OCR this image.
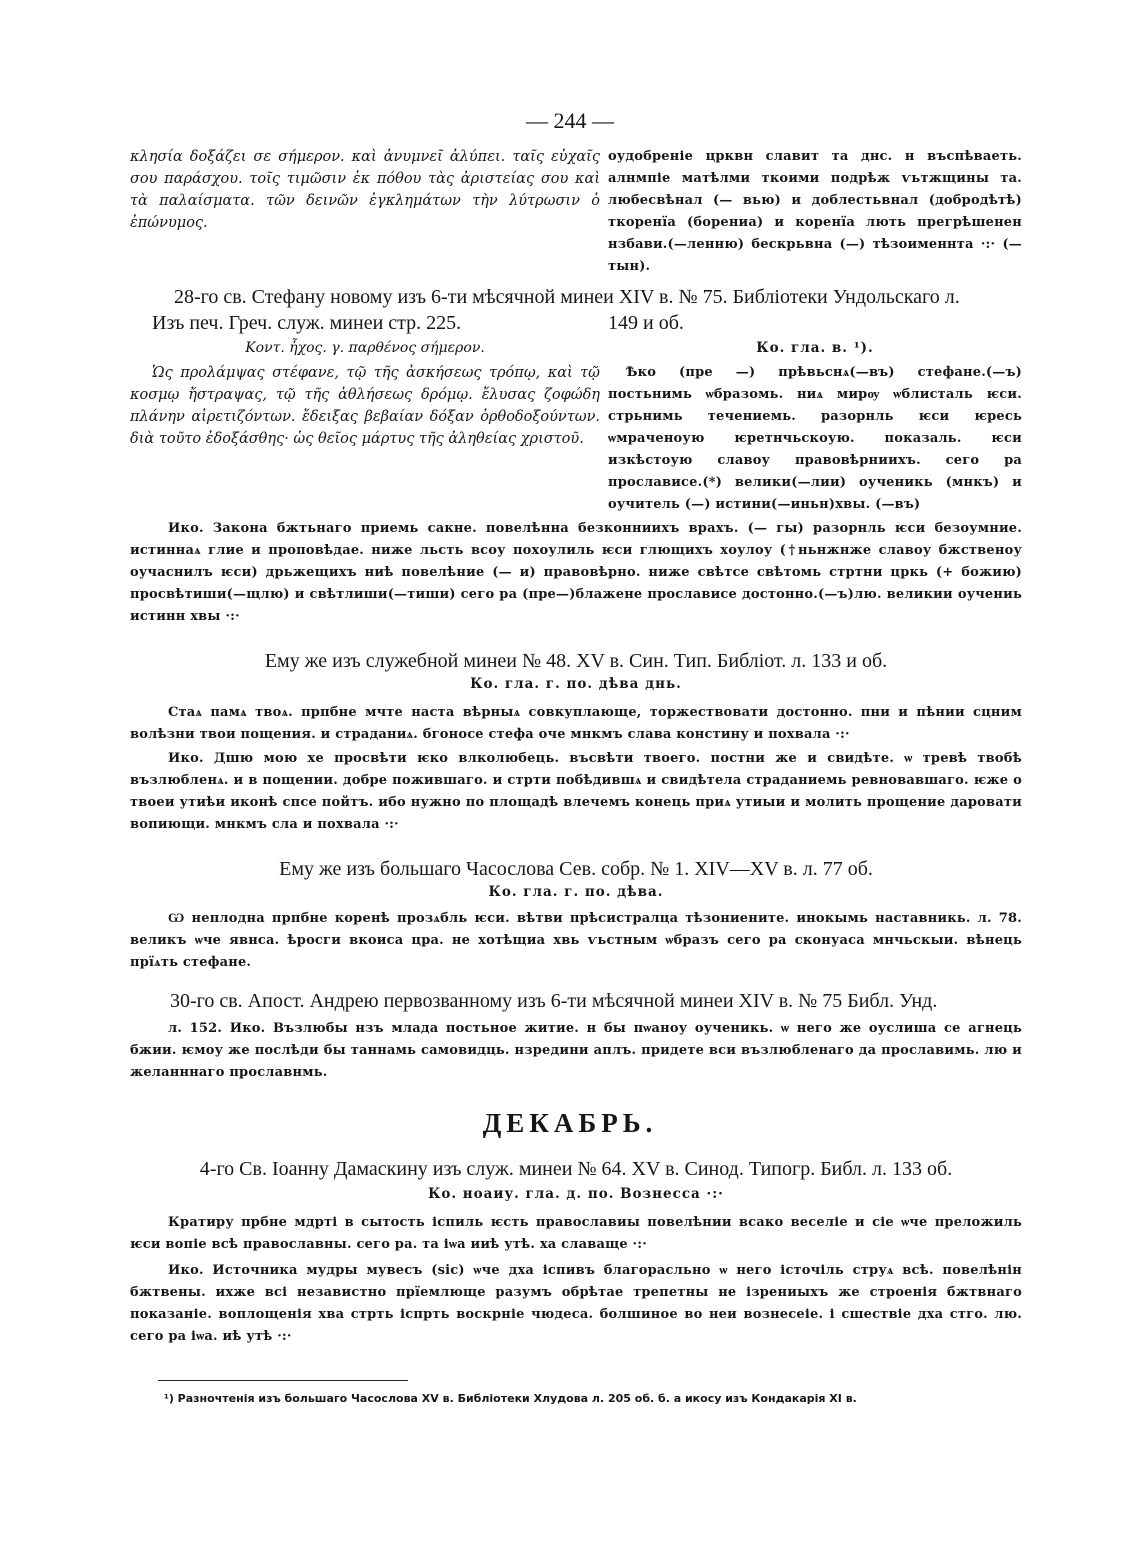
— 244 —

κλησία δοξάζει σε σήμερον. καὶ ἀνυμνεῖ ἀλύπει. ταῖς εὐχαῖς σου παράσχου. τοῖς τιμῶσιν ἐκ πόθου τὰς ἀριστείας σου καὶ τὰ παλαίσματα. τῶν δεινῶν ἐγκλημάτων τὴν λύτρωσιν ὁ ἐπώνυμος.

оудобреніе црквн славит та днс. н въспѣваеть. алнмпіе матѣлми ткоими подрѣж ѵьтжщины та. любесвѣнал (— вью) и доблестьвнал (добродѣтѣ) ткоренїа (борениа) и коренїа лють прегрѣшенен нзбави.(—ленню) бескрьвна (—) тѣзоименнтa ·:· (—тын).

28-го св. Стефану новому изъ 6-ти мѣсячной минеи XIV в. № 75. Библіотеки Ундольскаго л.

Изъ печ. Греч. служ. минеи стр. 225.	149 и об.

Κοντ. ἦχος. γ. παρθένος σήμερον.

Ὡς προλάμψας στέφανε, τῷ τῆς ἀσκήσεως τρόπῳ, καὶ τῷ κοσμῳ ἤστραψας, τῷ τῆς ἀθλήσεως δρόμῳ. ἔλυσας ζοφώδη πλάνην αἱρετιζόντων. ἔδειξας βεβαίαν δόξαν ὀρθοδοξούντων. διὰ τοῦτο ἐδοξάσθης· ὡς θεῖος μάρτυς τῆς ἀληθείας χριστοῦ.

Ко. гла. в. ¹).

Ѣко (пре —) прѣвьснѧ(—въ) стефане.(—ъ) постьнимь ѡбразомь. ниѧ мирѹ ѡблисталь ѥси. стрьнимь течениемь. разорнль ѥси ѥресь ѡмраченоую ѥретнчьскоую. показаль. ѥси изкѣстоую славоу правовѣрниихъ. сего ра прослависе.(*) велики(—лии) оученикь (мнкъ) и оучитель (—) истини(—иньн)хвы. (—въ)

Ико. Закона бжтьнаго приемь сакне. повелѣнна безконниихъ врахъ. (— гы) разорнль ѥси безоумние. истиннаѧ глие и проповѣдае. ниже льсть всоу похоулиль ѥси глющихъ хоулоу (†ньнжнже славоу бжственоу оучаснилъ ѥси) дрьжещихъ ниѣ повелѣние (— и) правовѣрно. ниже свѣтсе свѣтомь стртни цркь (+ божию) просвѣтиши(—щлю) и свѣтлиши(—тиши) сего ра (пре—)блаженe прослависе достонно.(—ъ)лю. великии оучениь истинн хвы ·:·

Ему же изъ служебной минеи № 48. XV в. Син. Тип. Библіот. л. 133 и об.

Ко. гла. г. по. дѣва днь.

Стаѧ памѧ твоѧ. прпбне мчте наста вѣрныѧ совкуплающе, торжествовати достонно. пни и пѣнии сцним волѣзни твои пощения. и страданиѧ. бгоносе стефа оче мнкмъ слава констину и похвала ·:·

Ико. Дшю мою хе просвѣти ѥко влколюбець. въсвѣти твоего. постни же и свидѣте. ѡ тревѣ твобѣ възлюбленѧ. и в пощении. добре пожившаго. и стрти побѣдившѧ и свидѣтела страданиемь ревновавшаго. ѥже о твоеи утиѣи иконѣ спсе пойтъ. ибо нужно по площадѣ влечемъ конець приѧ утиыи и молить прощение даровати вопиющи. мнкмъ сла и похвала ·:·

Ему же изъ большаго Часослова Сев. собр. № 1. XIV—XV в. л. 77 об.

Ко. гла. г. по. дѣва.

Ѡ неплодна прпбне коренѣ прозѧбль ѥси. вѣтви прѣсистралца тѣзониенитe. инокымь наставникь. л. 78. великъ ѡче явнса. ѣросги вкоиса цра. не хотѣщиа хвь ѵьстным ѡбразъ сего ра сконуаса мнчьскыи. вѣнець прїѧть стефане.

30-го св. Апост. Андрею первозванному изъ 6-ти мѣсячной минеи XIV в. № 75 Библ. Унд.

л. 152. Ико. Възлюбы нзъ млада постьное житие. н бы пѡаноу оученикь. ѡ него же оуслиша се агнець бжии. ѥмоу же послѣди бы таннамь самовидць. нзредини аплъ. придете вси възлюбленаго да прославимь. лю и желанннаго прославнмь.

ДЕКАБРЬ.

4-го Св. Іоанну Дамаскину изъ служ. минеи № 64. XV в. Синод. Типогр. Библ. л. 133 об.

Ко. ноаиу. гла. д. по. Вознесса ·:·

Кратиру прбне мдрті в сытость іспиль ѥсть православиы повелѣнии всако веселіе и сіе ѡче преложиль ѥси вопіе всѣ православны. сего ра. та іѡа ииѣ утѣ. ха славаще ·:·

Ико. Источника мудры мувесъ (sic) ѡче дха іспивъ благорасльно ѡ него істочіль струѧ всѣ. повелѣнін бжтвены. ихже всі независтно прїемлюще разумъ обрѣтае трепетны не ізрениыхъ же строенія бжтвнаго показаніе. воплощенія хва стрть іспрть воскрніе чюдеса. болшиное во неи вознесеіе. і сшествіе дха стго. лю. сего ра іѡа. иѣ утѣ ·:·

¹) Разночтенія изъ большаго Часослова XV в. Библіотеки Хлудова л. 205 об. б. а икосу изъ Кондакарія XI в.
